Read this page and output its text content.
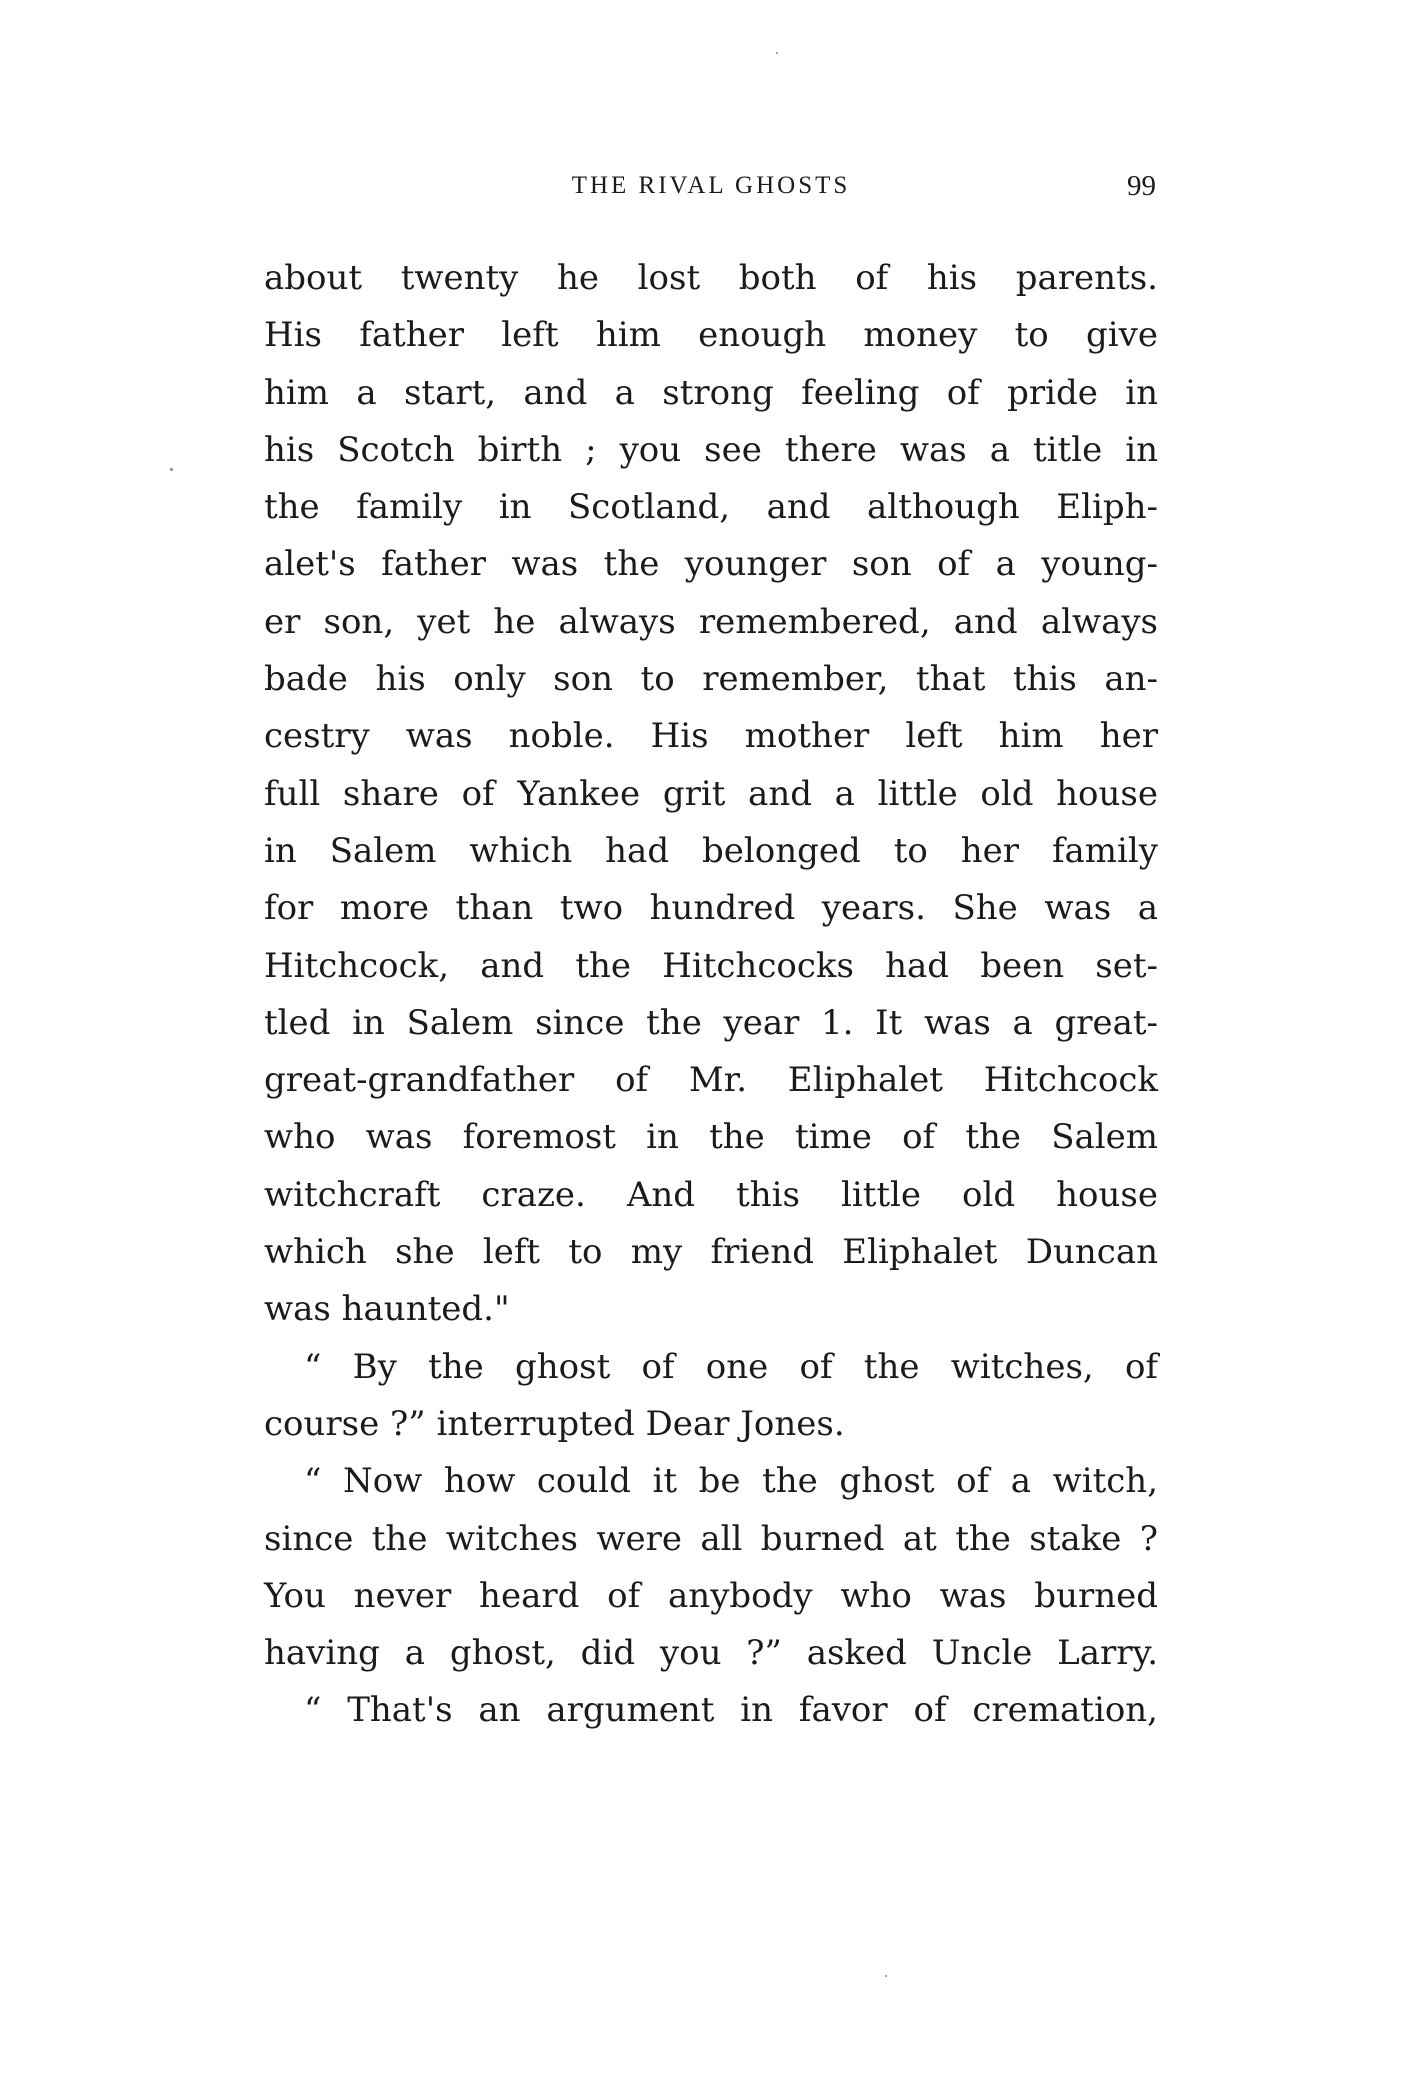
THE RIVAL GHOSTS	99
about twenty he lost both of his parents.
His father left him enough money to give
him a start, and a strong feeling of pride in
his Scotch birth ; you see there was a title in
the family in Scotland, and although Eliph-
alet's father was the younger son of a young-
er son, yet he always remembered, and always
bade his only son to remember, that this an-
cestry was noble. His mother left him her
full share of Yankee grit and a little old house
in Salem which had belonged to her family
for more than two hundred years. She was a
Hitchcock, and the Hitchcocks had been set-
tled in Salem since the year 1. It was a great-
great-grandfather of Mr. Eliphalet Hitchcock
who was foremost in the time of the Salem
witchcraft craze. And this little old house
which she left to my friend Eliphalet Duncan
was haunted."
“ By the ghost of one of the witches, of
course ?” interrupted Dear Jones.
“ Now how could it be the ghost of a witch,
since the witches were all burned at the stake ?
You never heard of anybody who was burned
having a ghost, did you ?” asked Uncle Larry.
“ That's an argument in favor of cremation,
